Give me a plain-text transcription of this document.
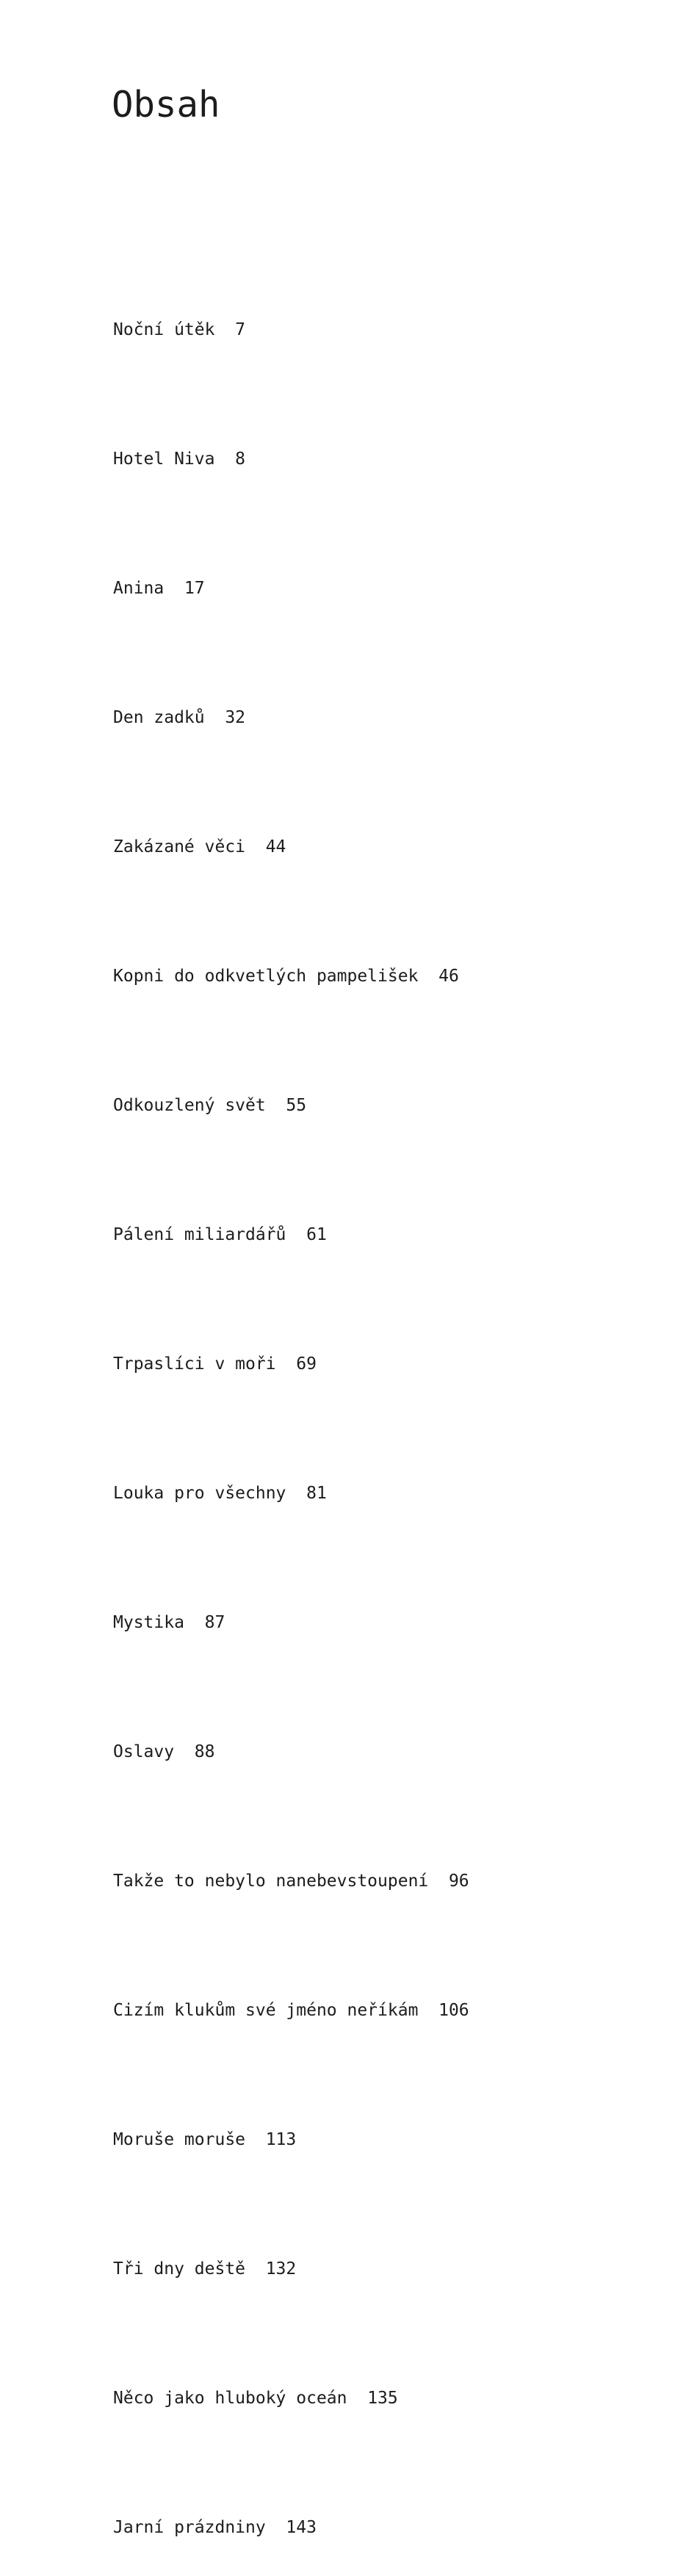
Obsah

Noční útěk 7

Hotel Niva 8

Anina 17

Den zadků 32

Zakázané věci 44

Kopni do odkvetlých pampelišek 46

Odkouzlený svět 55

Pálení miliardářů 61

Trpaslíci v moři 69

Louka pro všechny 81

Mystika 87

Oslavy 88

Takže to nebylo nanebevstoupení 96

Cizím klukům své jméno neříkám 106

Moruše moruše 113

Tři dny deště 132

Něco jako hluboký oceán 135

Jarní prázdniny 143
